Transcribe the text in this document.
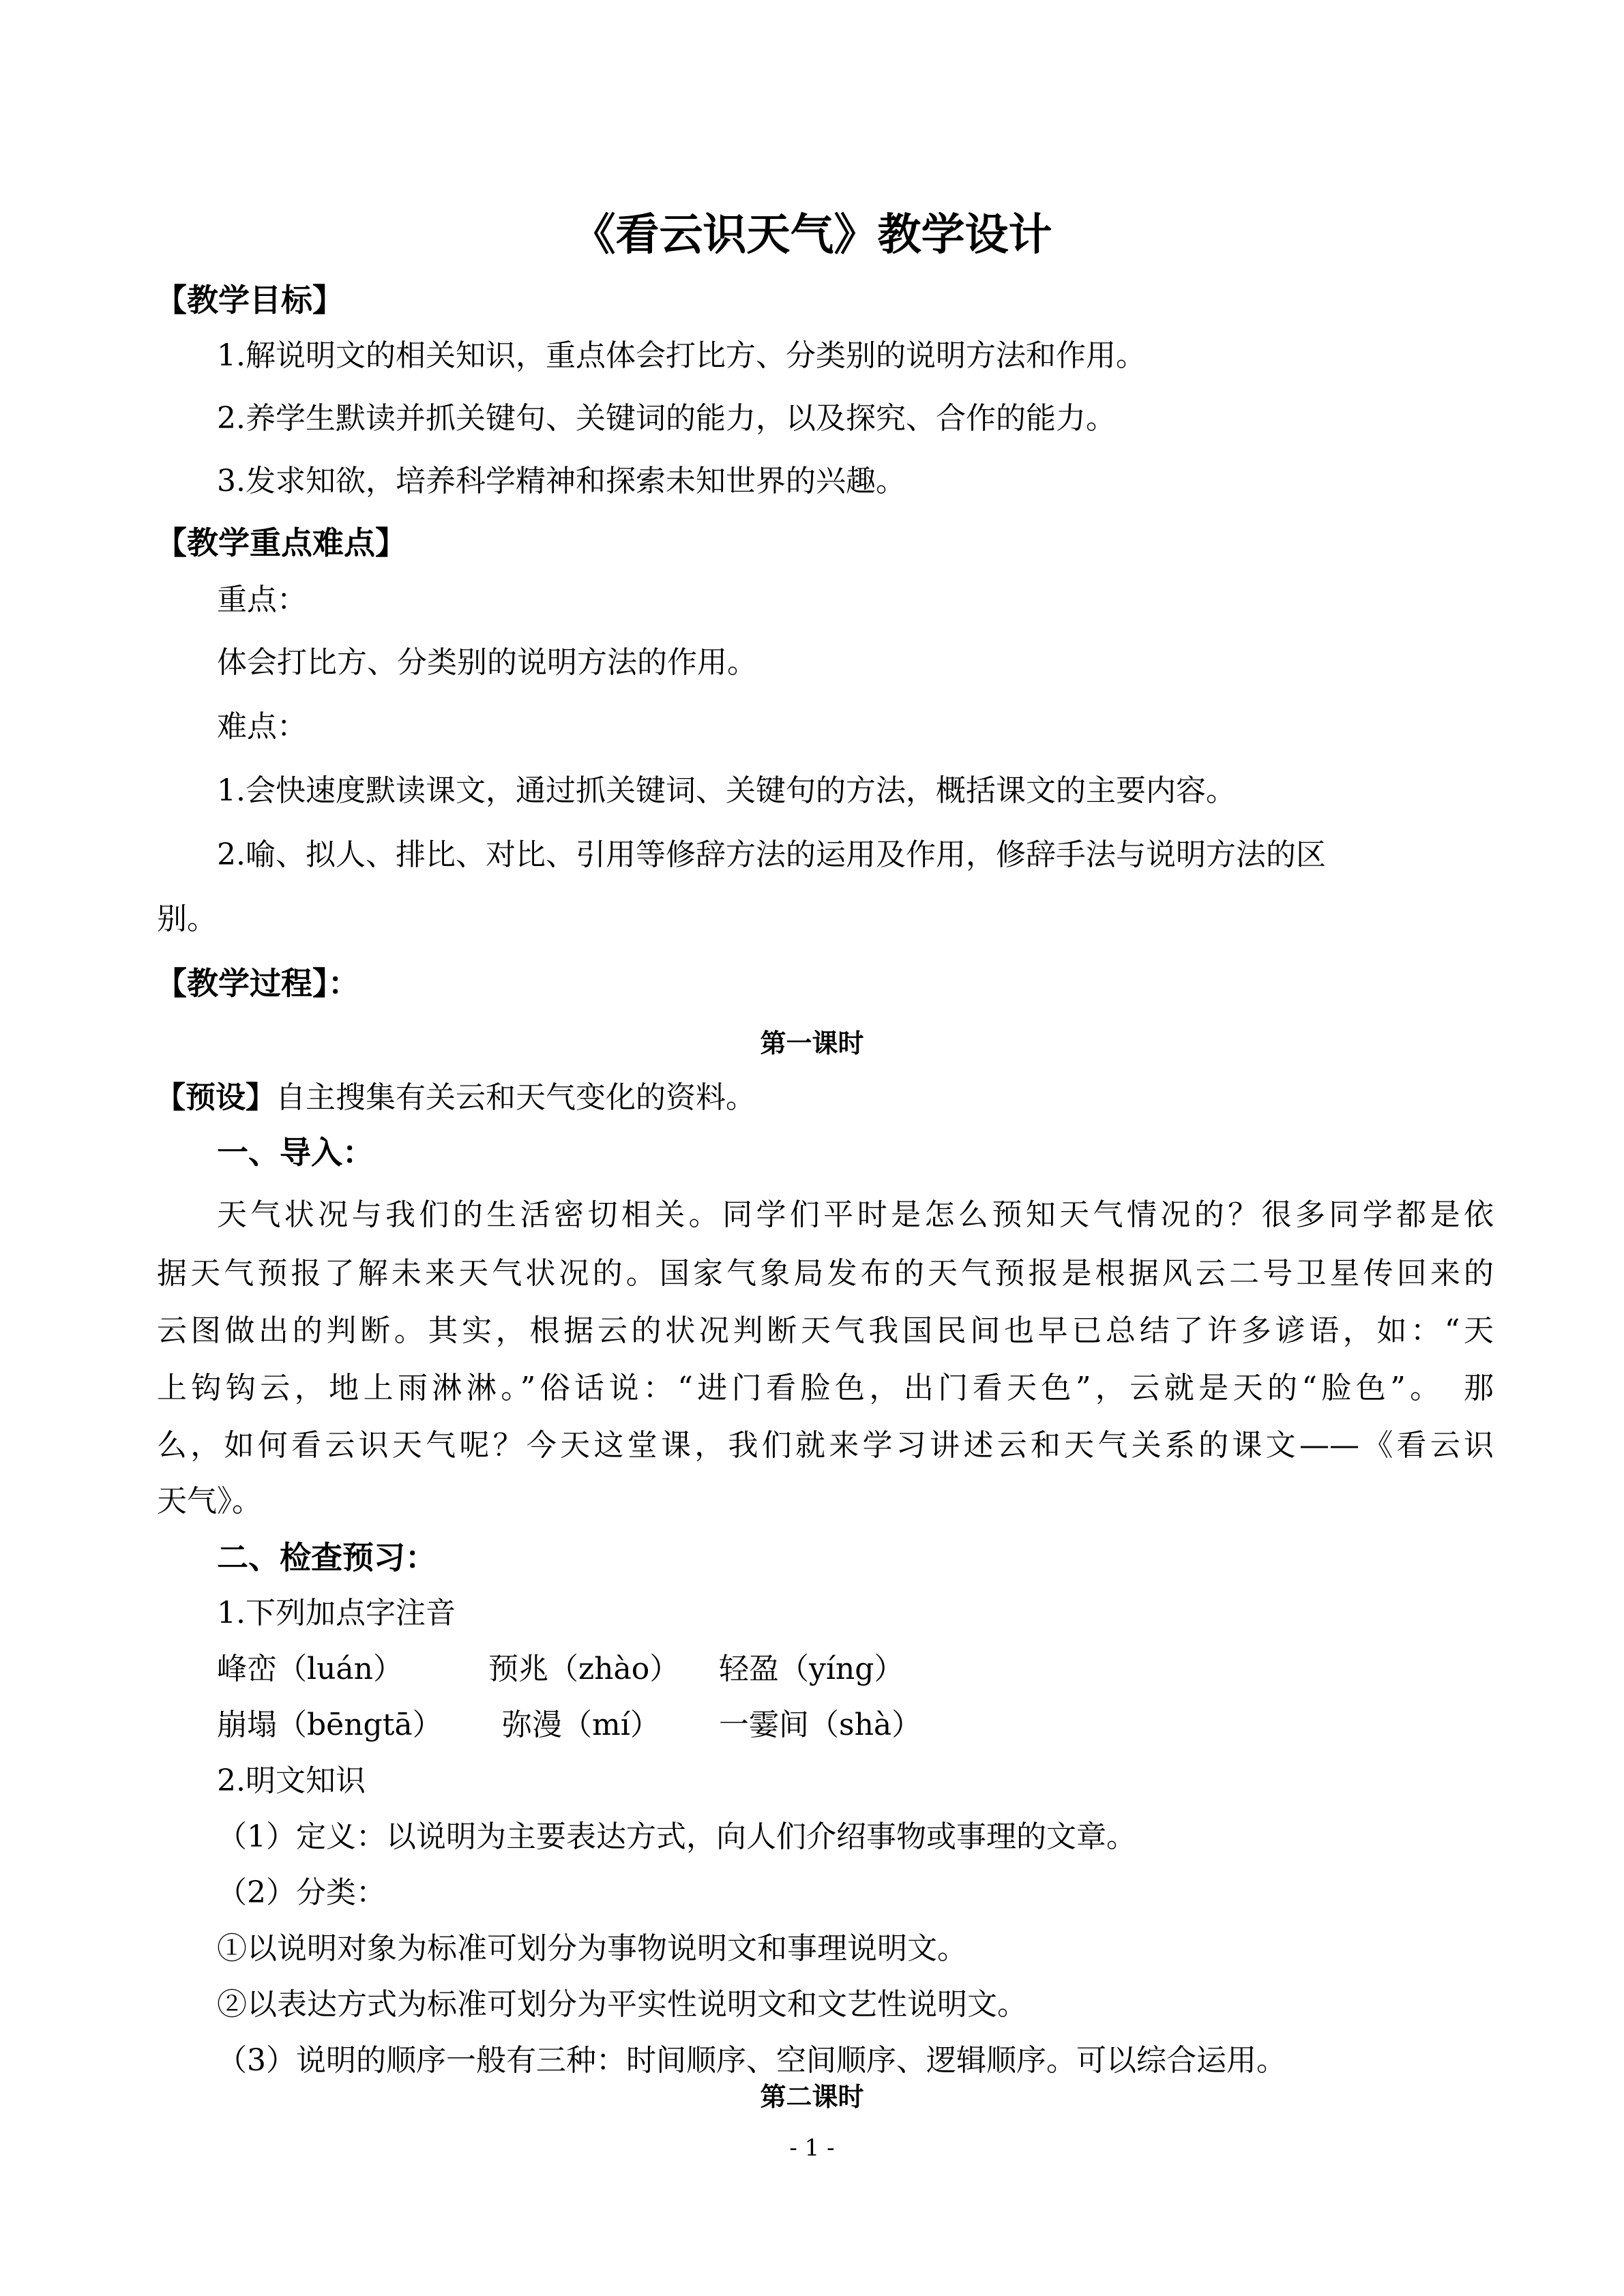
《看云识天气》教学设计

【教学目标】

1.解说明文的相关知识，重点体会打比方、分类别的说明方法和作用。

2.养学生默读并抓关键句、关键词的能力，以及探究、合作的能力。

3.发求知欲，培养科学精神和探索未知世界的兴趣。

【教学重点难点】

重点：

体会打比方、分类别的说明方法的作用。

难点：

1.会快速度默读课文，通过抓关键词、关键句的方法，概括课文的主要内容。

2.喻、拟人、排比、对比、引用等修辞方法的运用及作用，修辞手法与说明方法的区

别。

【教学过程】：

第一课时

【预设】自主搜集有关云和天气变化的资料。

一、导入：

天气状况与我们的生活密切相关。同学们平时是怎么预知天气情况的？很多同学都是依

据天气预报了解未来天气状况的。国家气象局发布的天气预报是根据风云二号卫星传回来的

云图做出的判断。其实，根据云的状况判断天气我国民间也早已总结了许多谚语，如：“天

上钩钩云，地上雨淋淋。”俗话说：“进门看脸色，出门看天色”，云就是天的“脸色”。　那

么，如何看云识天气呢？今天这堂课，我们就来学习讲述云和天气关系的课文——《看云识

天气》。

二、检查预习：

1.下列加点字注音

峰峦（luán）	预兆（zhào） 轻盈（yíng）
崩塌（bēngtā） 弥漫（mí） 一霎间（shà）

2.明文知识

（1）定义：以说明为主要表达方式，向人们介绍事物或事理的文章。

（2）分类：

①以说明对象为标准可划分为事物说明文和事理说明文。

②以表达方式为标准可划分为平实性说明文和文艺性说明文。

（3）说明的顺序一般有三种：时间顺序、空间顺序、逻辑顺序。可以综合运用。

第二课时

- 1 -
